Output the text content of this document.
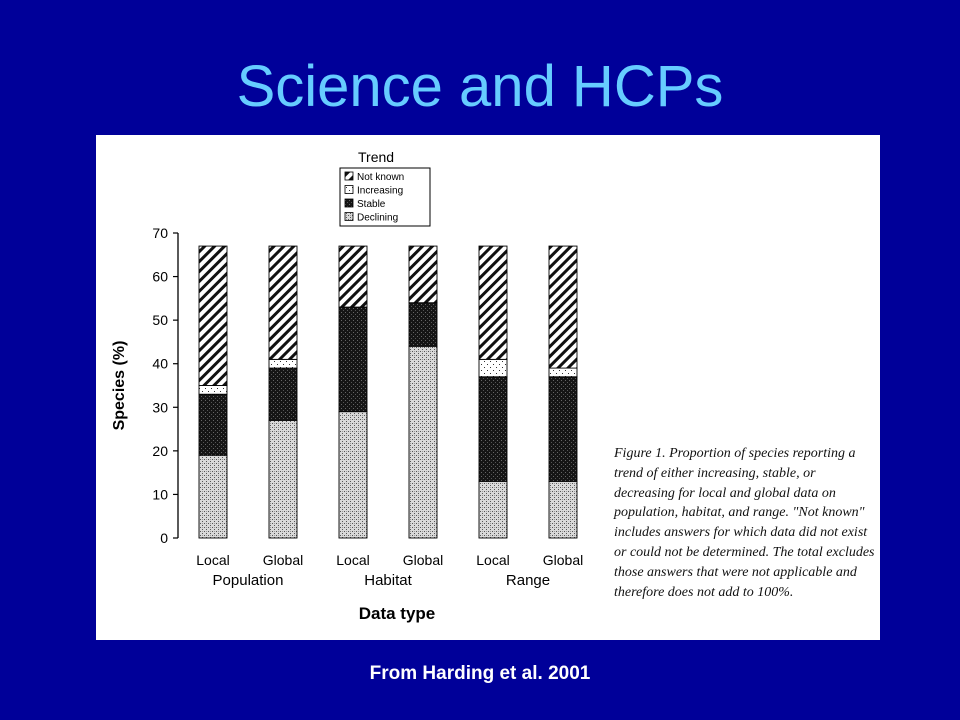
Science and HCPs
Trend
Not known
Increasing
Stable
Declining
0
10
20
30
40
50
60
70
Species (%)
Local Global Local Global Local Global
Population	Habitat	Range
Data type
Figure 1. Proportion of species reporting a trend of either increasing, stable, or decreasing for local and global data on population, habitat, and range. "Not known" includes answers for which data did not exist or could not be determined. The total excludes those answers that were not applicable and therefore does not add to 100%.
From Harding et al. 2001
